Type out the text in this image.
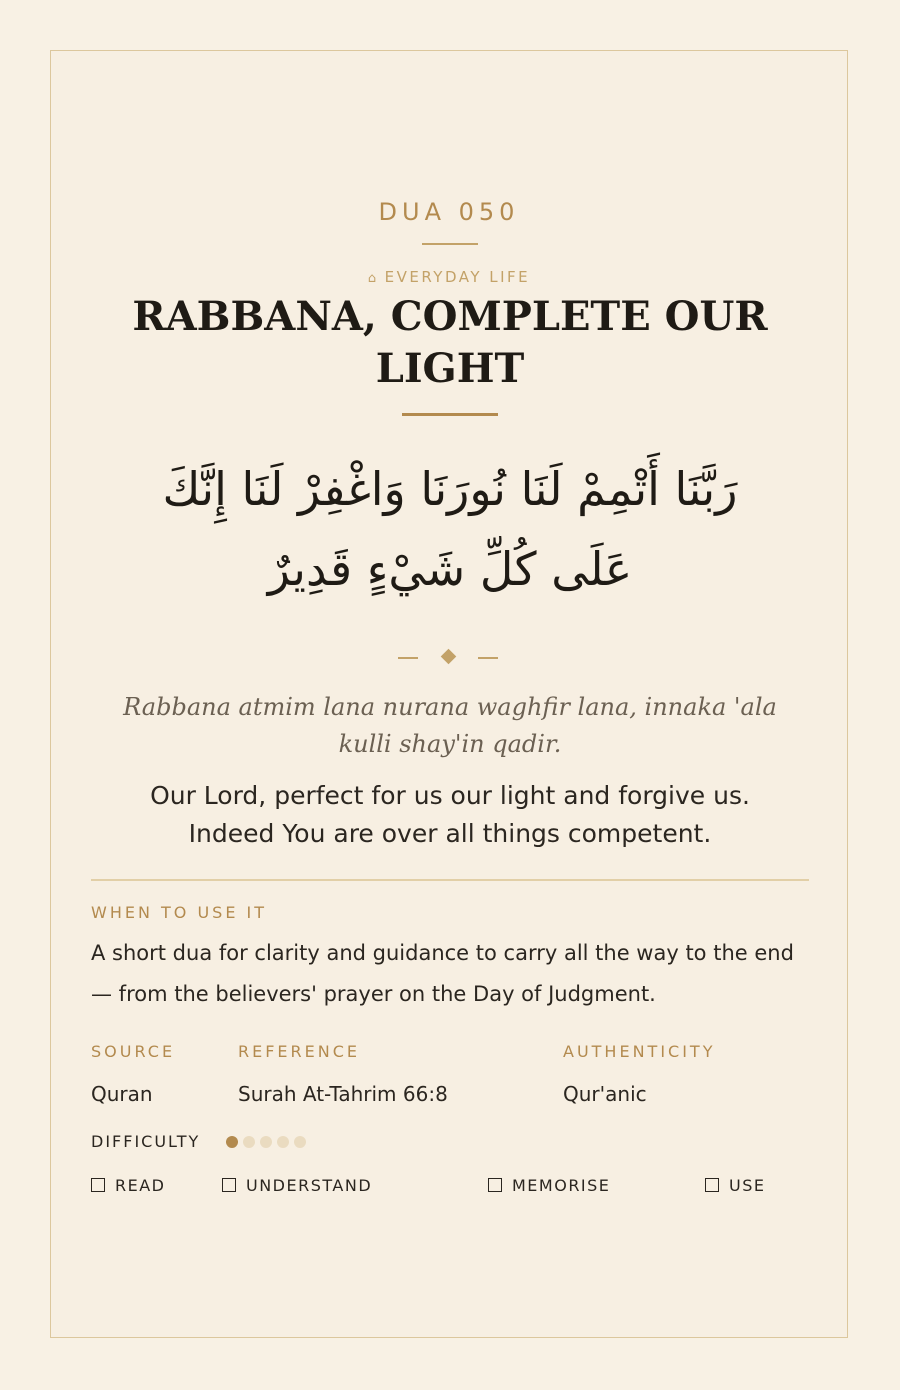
DUA 050
⌂ EVERYDAY LIFE
RABBANA, COMPLETE OUR LIGHT
رَبَّنَا أَتْمِمْ لَنَا نُورَنَا وَاغْفِرْ لَنَا إِنَّكَ عَلَى كُلِّ شَيْءٍ قَدِيرٌ
Rabbana atmim lana nurana waghfir lana, innaka 'ala kulli shay'in qadir.
Our Lord, perfect for us our light and forgive us. Indeed You are over all things competent.
WHEN TO USE IT
A short dua for clarity and guidance to carry all the way to the end — from the believers' prayer on the Day of Judgment.
SOURCE	REFERENCE	AUTHENTICITY
Quran	Surah At-Tahrim 66:8	Qur'anic
DIFFICULTY
READ	UNDERSTAND	MEMORISE	USE
